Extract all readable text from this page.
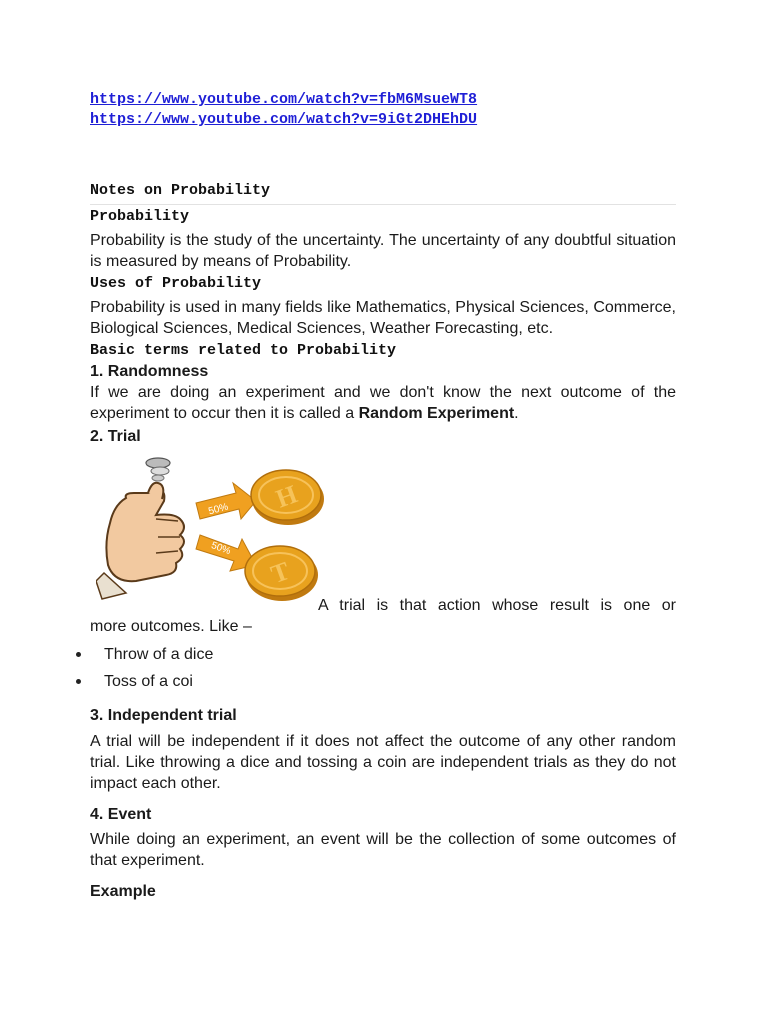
https://www.youtube.com/watch?v=fbM6MsueWT8
https://www.youtube.com/watch?v=9iGt2DHEhDU
Notes on Probability
Probability

Probability is the study of the uncertainty. The uncertainty of any doubtful situation is measured by means of Probability.

Uses of Probability

Probability is used in many fields like Mathematics, Physical Sciences, Commerce, Biological Sciences, Medical Sciences, Weather Forecasting, etc.

Basic terms related to Probability
1. Randomness

If we are doing an experiment and we don't know the next outcome of the experiment to occur then it is called a Random Experiment.

2. Trial
50%
50%
H
T
A trial is that action whose result is one or
more outcomes. Like –
Throw of a dice
Toss of a coi
3. Independent trial

A trial will be independent if it does not affect the outcome of any other random trial. Like throwing a dice and tossing a coin are independent trials as they do not impact each other.

4. Event

While doing an experiment, an event will be the collection of some outcomes of that experiment.

Example
